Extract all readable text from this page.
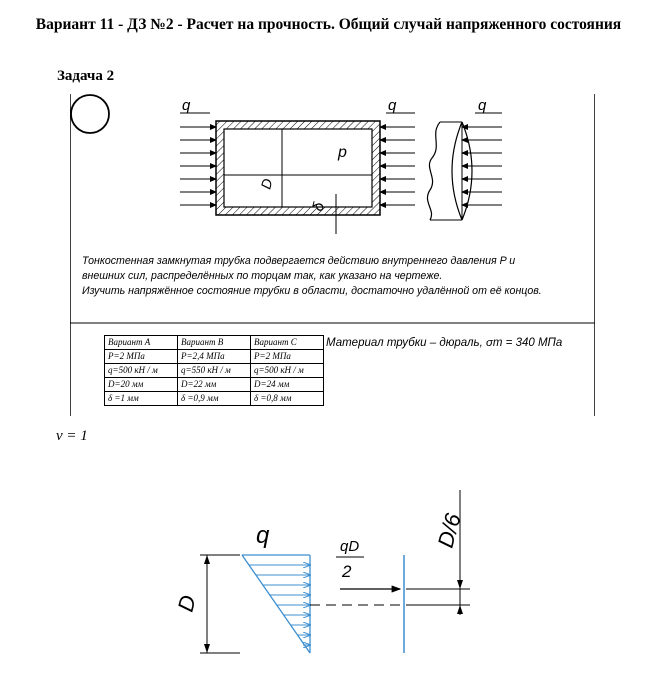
Вариант 11 - ДЗ №2 - Расчет на прочность. Общий случай напряженного состояния
Задача 2
q	q	q
p
D
δ
Тонкостенная замкнутая трубка подвергается действию внутреннего давления P и
внешних сил, распределённых по торцам так, как указано на чертеже.
Изучить напряжённое состояние трубки в области, достаточно удалённой от её концов.
Вариант А	Вариант В	Вариант С
P=2 МПа	P=2,4 МПа	P=2 МПа
q=500 кН / м	q=550 кН / м	q=500 кН / м
D=20 мм	D=22 мм	D=24 мм
δ =1 мм	δ =0,9 мм	δ =0,8 мм
Материал трубки – дюраль, σт = 340 МПа
ν = 1
q
D
qD
2
D/6
